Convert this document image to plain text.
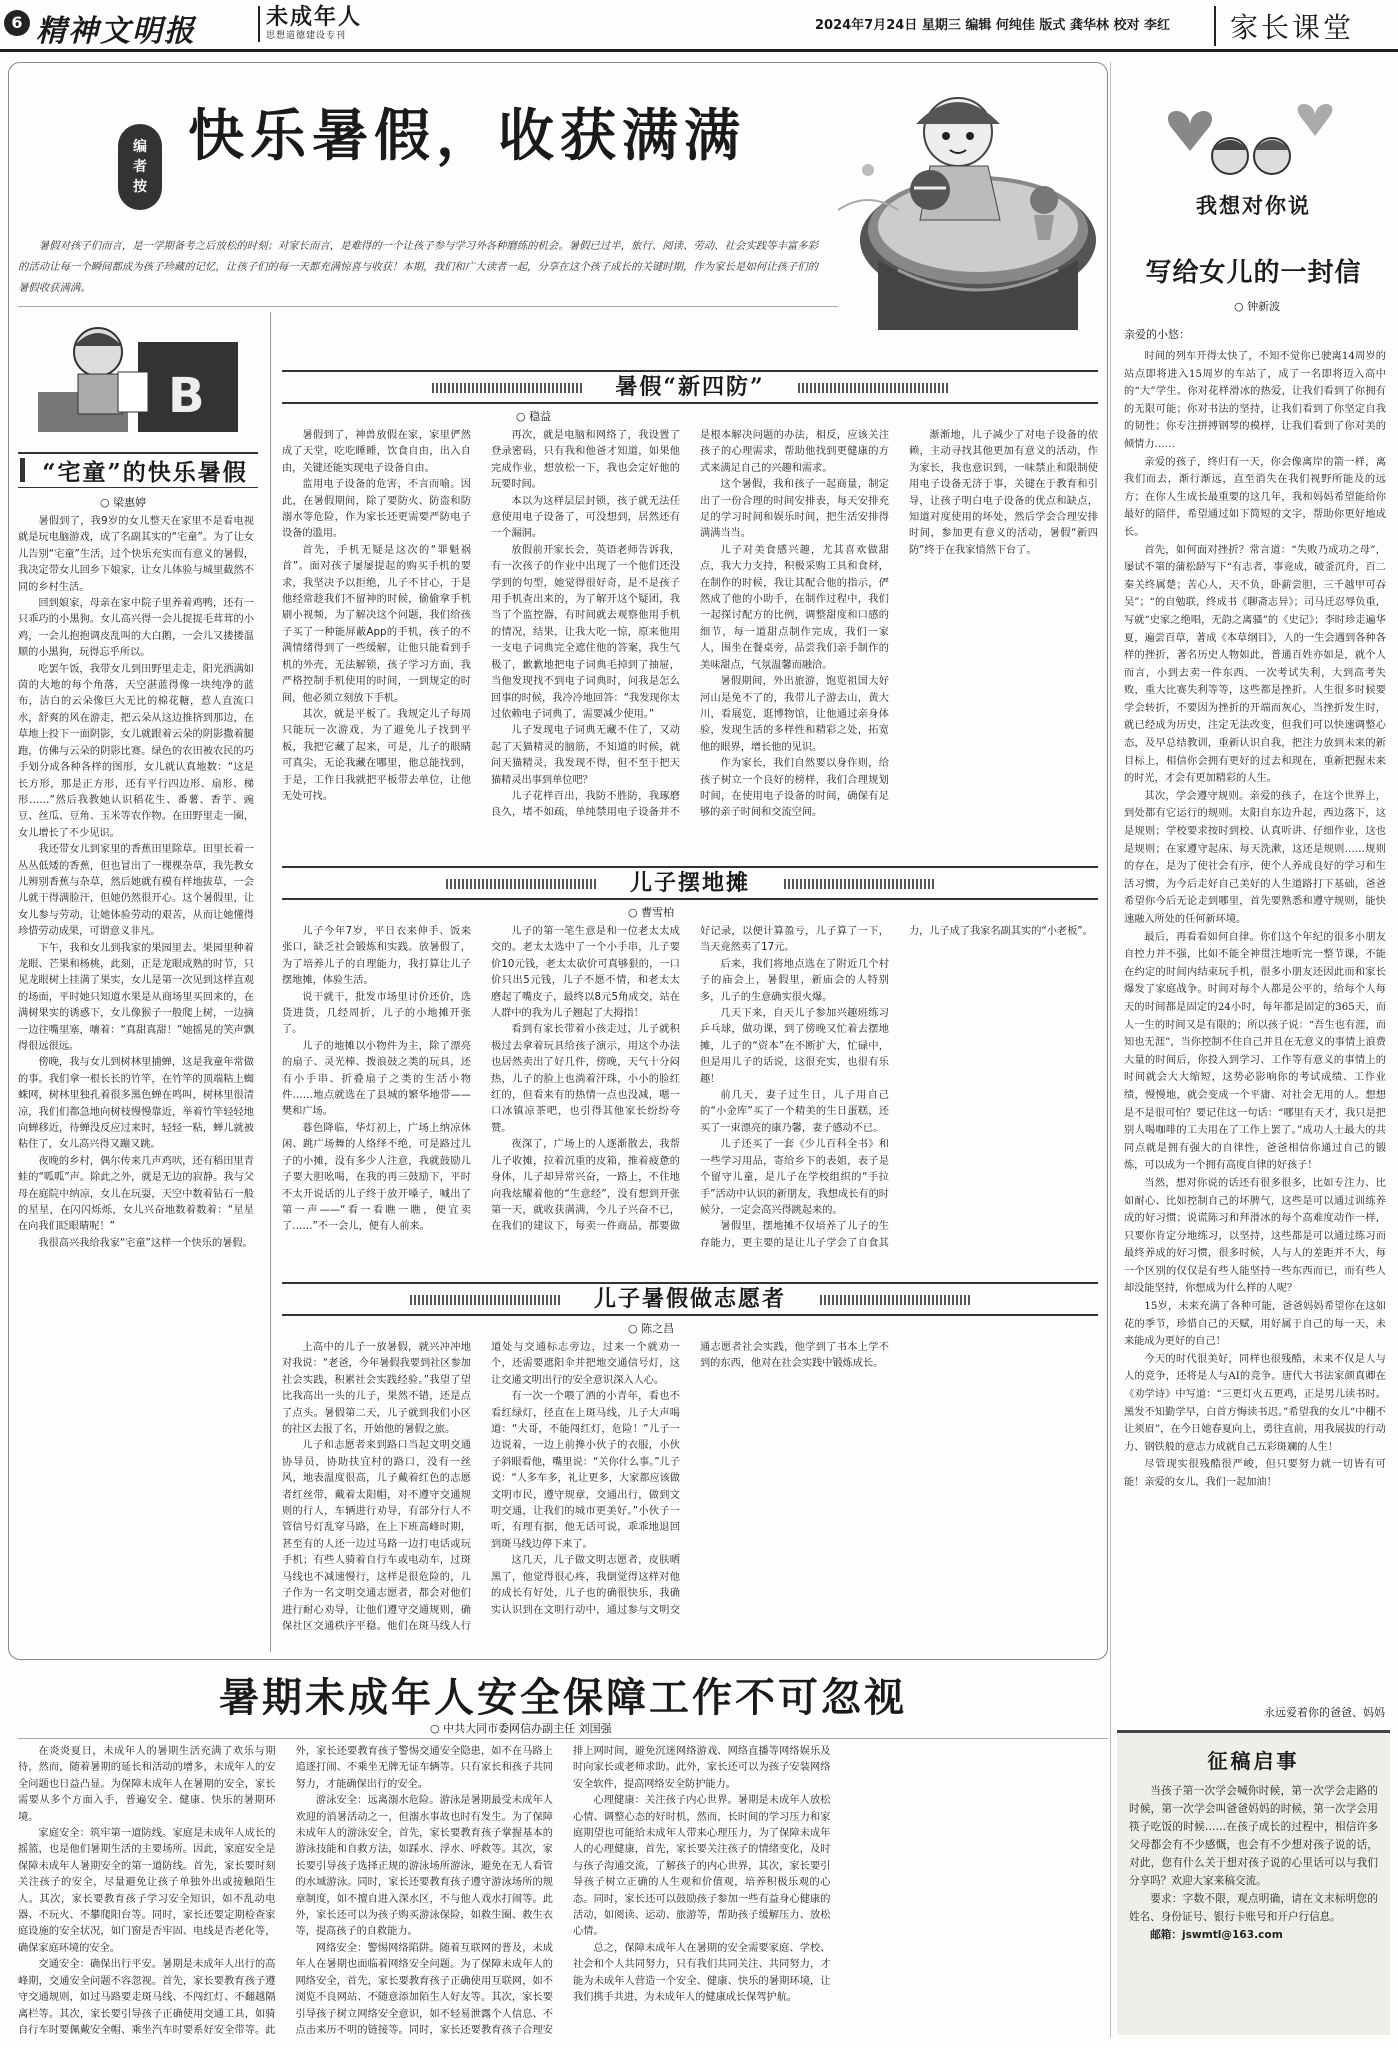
6 精神文明报	未成年人
思想道德建设专刊
2024年7月24日 星期三 编辑 何纯佳 版式 龚华林 校对 李红	家长课堂
编
者
按
快乐暑假，收获满满
暑假对孩子们而言，是一学期备考之后放松的时刻；对家长而言，是难得的一个让孩子参与学习外各种磨练的机会。暑假已过半，旅行、阅读、劳动、社会实践等丰富多彩的活动让每一个瞬间都成为孩子珍藏的记忆，让孩子们的每一天都充满惊喜与收获！本期，我们和广大读者一起，分享在这个孩子成长的关键时期，作为家长是如何让孩子们的暑假收获满满。
B
“宅童”的快乐暑假
○ 梁惠婷

暑假到了，我9岁的女儿整天在家里不是看电视就是玩电脑游戏，成了名副其实的“宅童”。为了让女儿告别“宅童”生活，过个快乐充实而有意义的暑假，我决定带女儿回乡下娘家，让女儿体验与城里截然不同的乡村生活。

回到娘家，母亲在家中院子里养着鸡鸭，还有一只乖巧的小黑狗。女儿高兴得一会儿捉捉毛茸茸的小鸡，一会儿抱抱调皮乱叫的大白鹅，一会儿又搂搂温顺的小黑狗，玩得忘乎所以。

吃罢午饭，我带女儿到田野里走走，阳光洒满如茵的大地的每个角落，天空湛蓝得像一块纯净的蓝布，洁白的云朵像巨大无比的棉花糖，惹人直流口水，舒爽的风在游走，把云朵从这边推挤到那边，在草地上投下一面阴影，女儿就跟着云朵的阴影撒着腿跑，仿佛与云朵的阴影比赛。绿色的农田被农民的巧手划分成各种各样的图形，女儿就认真地数：“这是长方形，那是正方形，还有平行四边形、扇形、梯形……”然后我教她认识稻花生、番薯、香芋、豌豆、丝瓜、豆角、玉米等农作物。在田野里走一圈，女儿增长了不少见识。

我还带女儿到家里的香蕉田里除草。田里长着一丛丛低矮的香蕉，但也冒出了一棵棵杂草，我先教女儿辨别香蕉与杂草，然后她就有模有样地拔草，一会儿就干得满脸汗，但她仍然很开心。这个暑假里，让女儿参与劳动，让她体验劳动的艰苦，从而让她懂得珍惜劳动成果，可谓意义非凡。

下午，我和女儿到我家的果园里去。果园里种着龙眼、芒果和杨桃，此刻，正是龙眼成熟的时节，只见龙眼树上挂满了果实，女儿是第一次见到这样直观的场面，平时她只知道水果是从商场里买回来的，在满树果实的诱惑下，女儿像猴子一般爬上树，一边摘一边往嘴里塞，嚷着：“真甜真甜！”她摇晃的笑声飘得很远很远。

傍晚，我与女儿到树林里捕蝉，这是我童年常做的事。我们拿一根长长的竹竿，在竹竿的顶端粘上蜘蛛网，树林里独孔着很多黑色蝉在鸣叫，树林里很清凉，我们们都急地向树枝慢慢靠近，举着竹竿轻轻地向蝉移近，待蝉没反应过来时，轻轻一粘，蝉儿就被粘住了，女儿高兴得又蹦又跳。

夜晚的乡村，偶尔传来几声鸡吠，还有稻田里青蛙的“呱呱”声。除此之外，就是无边的寂静。我与父母在庭院中纳凉，女儿在玩耍，天空中数着钻石一般的星星，在闪闪烁烁，女儿兴奋地数着数着：“星星在向我们眨眼睛呢！”

我很高兴我给我家“宅童”这样一个快乐的暑假。

暑假“新四防”
○ 稳益

暑假到了，神兽放假在家，家里俨然成了天堂，吃吃睡睡，饮食自由，出入自由，关键还能实现电子设备自由。

监用电子设备的危害，不言而喻。因此，在暑假期间，除了要防火、防盗和防溺水等危险，作为家长还更需要严防电子设备的滥用。

首先，手机无疑是这次的“罪魁祸首”。面对孩子屡屡提起的购买手机的要求，我坚决予以拒绝，儿子不甘心，于是他经常趁我们不留神的时候，偷偷拿手机刷小视频，为了解决这个问题，我们给孩子买了一种能屏蔽App的手机，孩子的不满情绪得到了一些缓解，让他只能看到手机的外壳，无法解锁，孩子学习方面，我严格控制手机使用的时间，一到规定的时间，他必须立刻放下手机。

其次，就是平板了。我规定儿子每周只能玩一次游戏，为了避免儿子找到平板，我把它藏了起来，可是，儿子的眼睛可真尖，无论我藏在哪里，他总能找到，于是，工作日我就把平板带去单位，让他无处可找。

再次，就是电脑和网络了，我设置了登录密码，只有我和他爸才知道，如果他完成作业，想放松一下，我也会定好他的玩要时间。

本以为这样层层封锁，孩子就无法任意使用电子设备了，可没想到，居然还有一个漏洞。

放假前开家长会，英语老师告诉我，有一次孩子的作业中出现了一个他们还没学到的句型，她觉得很好奇，是不是孩子用手机查出来的，为了解开这个疑团，我当了个监控器，有时间就去观察他用手机的情况，结果，让我大吃一惊，原来他用一支电子词典完全遮住他的答案，我生气极了，歉歉地把电子词典毛掉到了抽屉，当他发现找不到电子词典时，问我是怎么回事的时候，我冷冷地回答：“我发现你太过依赖电子词典了，需要减少使用。”

儿子发现电子词典无藏不住了，又动起了天猫精灵的脑筋，不知道的时候，就问天猫精灵，我发现不得，但不至于把天猫精灵出事到单位吧？

儿子花样百出，我防不胜防，我琢磨良久，堵不如疏，单纯禁用电子设备并不是根本解决问题的办法，相反，应该关注孩子的心理需求，帮助他找到更健康的方式来满足自己的兴趣和需求。

这个暑假，我和孩子一起商量，制定出了一份合理的时间安排表，每天安排充足的学习时间和娱乐时间，把生活安排得满满当当。

儿子对美食感兴趣，尤其喜欢做甜点，我大力支持，积极采购工具和食材，在制作的时候，我让其配合他的指示，俨然成了他的小助手，在制作过程中，我们一起探讨配方的比例，调整甜度和口感的细节，每一道甜点制作完成，我们一家人，围坐在餐桌旁，品尝我们亲手制作的美味甜点，气氛温馨而融洽。

暑假期间，外出旅游，饱览祖国大好河山是免不了的，我带儿子游去山，黄大川，看展览，逛博物馆，让他通过亲身体验，发现生活的多样性和精彩之处，拓宽他的眼界，增长他的见识。

作为家长，我们自然要以身作则，给孩子树立一个良好的榜样，我们合理规划时间，在使用电子设备的时间，确保有足够的亲子时间和交流空间。

渐渐地，儿子减少了对电子设备的依赖，主动寻找其他更加有意义的活动，作为家长，我也意识到，一味禁止和限制使用电子设备无济于事，关键在于教育和引导，让孩子明白电子设备的优点和缺点，知道对度使用的坏处，然后学会合理安排时间，参加更有意义的活动，暑假“新四防”终于在我家悄然下台了。

儿子摆地摊
○ 曹雪柏

儿子今年7岁，平日衣来伸手、饭来张口，缺乏社会锻炼和实践。放暑假了，为了培养儿子的自理能力，我打算让儿子摆地摊，体验生活。

说干就干，批发市场里讨价还价，选货进货，几经周折，儿子的小地摊开张了。

儿子的地摊以小物件为主，除了漂亮的扇子、灵光棒、拨浪鼓之类的玩具，还有小手串、折叠扇子之类的生活小物件……地点就选在了县城的繁华地带——樊和广场。

暮色降临，华灯初上，广场上纳凉休闲、跳广场舞的人络绎不绝，可是路过儿子的小摊，没有多少人注意，我就鼓励儿子要大胆吆喝，在我的再三鼓励下，平时不太开说话的儿子终于放开嗓子，喊出了第一声——“看一看瞧一瞧，便宜卖了……”不一会儿，便有人前来。

儿子的第一笔生意是和一位老太太成交的。老太太选中了一个小手串，儿子要价10元钱，老太太砍价可真够狠的，一口价只出5元钱，儿子不愿不情，和老太太磨起了嘴皮子，最终以8元5角成交，站在人群中的我为儿子翘起了大拇指！

看到有家长带着小孩走过，儿子就积极过去拿着玩具给孩子演示，用这个办法也居然卖出了好几件，傍晚，天气十分闷热，儿子的脸上也淌着汗珠，小小的脸红红的，但看来有的热情一点也没减，嗯一口冰镇凉茶吧，也引得其他家长纷纷夸赞。

夜深了，广场上的人逐渐散去，我帮儿子收摊，拉着沉重的皮箱，推着疲惫的身体，儿子却异常兴奋，一路上，不住地向我炫耀着他的“生意经”，没有想到开张第一天，就收获满满，今儿子兴奋不已，在我们的建议下，每卖一件商品，都要做好记录，以便计算盈亏，儿子算了一下，当天竟然卖了17元。

后来，我们将地点选在了附近几个村子的庙会上，暑假里，新庙会的人特别多，儿子的生意确实很火爆。

几天下来，自天儿子参加兴趣班练习乒乓球，做功课，到了傍晚又忙着去摆地摊，儿子的“资本”在不断扩大，忙碌中，但是用儿子的话说，这很充实，也很有乐趣！

前几天，妻子过生日，儿子用自己的“小金库”买了一个精美的生日蛋糕，还买了一束漂亮的康乃馨，妻子感动不已。

儿子还买了一套《少儿百科全书》和一些学习用品，寄给乡下的表姐，表子是个留守儿童，是儿子在学校组织的“手拉手”活动中认识的新朋友，我想成长有的时候分，一定会高兴得跳起来的。

暑假里，摆地摊不仅培养了儿子的生存能力，更主要的是让儿子学会了自食其力，儿子成了我家名副其实的“小老板”。

儿子暑假做志愿者
○ 陈之昌

上高中的儿子一放暑假，就兴冲冲地对我说：“老爸，今年暑假我要到社区参加社会实践，积累社会实践经验。”我望了望比我高出一头的儿子，果然不错，还是点了点头。暑假第二天，儿子就到我们小区的社区去报了名，开始他的暑假之旅。

儿子和志愿者来到路口当起文明交通协导员，协助扶宜村的路口，没有一丝风，地表温度很高，儿子戴着红色的志愿者红丝带，戴着太阳帽，对不遵守交通规则的行人，车辆进行劝导，有部分行人不管信号灯乱穿马路，在上下班高峰时期，甚至有的人还一边过马路一边打电话或玩手机；有些人骑着自行车或电动车，过斑马线也不减速慢行，这样是很危险的，儿子作为一名文明交通志愿者，都会对他们进行耐心劝导，让他们遵守交通规则，确保社区交通秩序平稳。他们在斑马线人行道处与交通标志旁边，过来一个就劝一个，还需要遮阳伞并把地交通信号灯，这让交通文明出行的安全意识深入人心。

有一次一个喂了酒的小青年，看也不看红绿灯，径直在上斑马线，儿子大声喝道：“大哥，不能闯红灯，危险！”儿子一边说着，一边上前搀小伙子的衣服，小伙子斜眼看他，嘴里说：“关你什么事。”儿子说：“人多车多，礼让更多，大家都应该做文明市民，遵守规章，交通出行，做到文明交通，让我们的城市更美好。”小伙子一听，有理有据，他无话可说，乖乖地退回到斑马线边停下来了。

这几天，儿子做文明志愿者，皮肤晒黑了，他觉得很心疼，我倒觉得这样对他的成长有好处，儿子也的确很快乐，我确实认识到在文明行动中，通过参与文明交通志愿者社会实践，他学到了书本上学不到的东西，他对在社会实践中锻炼成长。

暑期未成年人安全保障工作不可忽视
○ 中共大同市委网信办副主任 刘国强

在炎炎夏日，未成年人的暑期生活充满了欢乐与期待，然而，随着暑期的延长和活动的增多，未成年人的安全问题也日益凸显。为保障未成年人在暑期的安全，家长需要从多个方面入手，普遍安全、健康、快乐的暑期环境。

家庭安全：筑牢第一道防线。家庭是未成年人成长的摇篮，也是他们暑期生活的主要场所。因此，家庭安全是保障未成年人暑期安全的第一道防线。首先，家长要时刻关注孩子的安全，尽量避免让孩子单独外出或接触陌生人。其次，家长要教育孩子学习安全知识，如不乱动电器、不玩火、不攀爬阳台等。同时，家长还要定期检查家庭设施的安全状况，如门窗是否牢固、电线是否老化等，确保家庭环境的安全。

交通安全：确保出行平安。暑期是未成年人出行的高峰期，交通安全问题不容忽视。首先，家长要教育孩子遵守交通规则，如过马路要走斑马线、不闯红灯、不翻越隔离栏等。其次，家长要引导孩子正确使用交通工具，如骑自行车时要佩戴安全帽、乘坐汽车时要系好安全带等。此外，家长还要教育孩子警惕交通安全隐患，如不在马路上追逐打闹、不乘坐无牌无证车辆等。只有家长和孩子共同努力，才能确保出行的安全。

游泳安全：远离溺水危险。游泳是暑期最受未成年人欢迎的消暑活动之一，但溺水事故也时有发生。为了保障未成年人的游泳安全，首先，家长要教育孩子掌握基本的游泳技能和自救方法，如踩水、浮水、呼救等。其次，家长要引导孩子选择正规的游泳场所游泳，避免在无人看管的水域游泳。同时，家长还要教育孩子遵守游泳场所的规章制度，如不擅自进入深水区，不与他人戏水打闹等。此外，家长还可以为孩子购买游泳保险，如救生圈、救生衣等，提高孩子的自救能力。

网络安全：警惕网络陷阱。随着互联网的普及，未成年人在暑期也面临着网络安全问题。为了保障未成年人的网络安全，首先，家长要教育孩子正确使用互联网，如不浏览不良网站、不随意添加陌生人好友等。其次，家长要引导孩子树立网络安全意识，如不轻易泄露个人信息、不点击来历不明的链接等。同时，家长还要教育孩子合理安排上网时间，避免沉迷网络游戏、网络直播等网络娱乐及时向家长或老师求助。此外，家长还可以为孩子安装网络安全软件，提高网络安全防护能力。

心理健康：关注孩子内心世界。暑期是未成年人放松心情、调整心态的好时机，然而，长时间的学习压力和家庭期望也可能给未成年人带来心理压力，为了保障未成年人的心理健康，首先，家长要关注孩子的情绪变化，及时与孩子沟通交流，了解孩子的内心世界，其次，家长要引导孩子树立正确的人生观和价值观，培养积极乐观的心态。同时，家长还可以鼓励孩子参加一些有益身心健康的活动，如阅读、运动、旅游等，帮助孩子缓解压力、放松心情。

总之，保障未成年人在暑期的安全需要家庭、学校、社会和个人共同努力，只有我们共同关注、共同努力，才能为未成年人营造一个安全、健康、快乐的暑期环境，让我们携手共进，为未成年人的健康成长保驾护航。

我想对你说
写给女儿的一封信
○ 钟新波
亲爱的小悠：

时间的列车开得太快了，不知不觉你已驶离14周岁的站点即将进入15周岁的车站了，成了一名即将迈入高中的“大”学生。你对花样滑冰的热爱，让我们看到了你拥有的无限可能；你对书法的坚持，让我们看到了你坚定自我的韧性；你专注拼搏钢琴的模样，让我们看到了你对美的倾情力……

亲爱的孩子，终归有一天，你会像离岸的箭一样，离我们而去，渐行渐远，直至消失在我们视野所能及的远方；在你人生成长最重要的这几年，我和妈妈希望能给你最好的陪伴，希望通过如下简短的文字，帮助你更好地成长。

首先，如何面对挫折？常言道：“失败乃成功之母”，屡试不第的蒲松龄写下“有志者，事竟成，破釜沉舟，百二秦关终属楚；苦心人，天不负，卧薪尝胆，三千越甲可吞吴”；“的自勉联，终成书《聊斋志异》；司马迁忍辱负重，写就“史家之绝唱，无韵之离骚”的《史记》；李时珍走遍华夏，遍尝百草，著成《本草纲目》，人的一生会遇到各种各样的挫折，著名历史人物如此，普通百姓亦如是，就个人而言，小到去卖一件东西、一次考试失利，大到高考失败，重大比赛失利等等，这些都是挫折。人生很多时候要学会转折，不要因为挫折的开端而灰心，当挫折发生时，就已经成为历史，注定无法改变，但我们可以快速调整心态，及早总结教训，重新认识自我，把注力放到未来的新目标上，相信你会拥有更好的过去和现在，重新把握未来的时光，才会有更加精彩的人生。

其次，学会遵守规则。亲爱的孩子，在这个世界上，到处都有它运行的规则。太阳自东边升起，西边落下，这是规则；学校要求按时到校、认真听讲、仔细作业，这也是规则；在家遵守起床、每天洗漱，这还是规则……规则的存在，是为了使社会有序，使个人养成良好的学习和生活习惯，为今后走好自己美好的人生道路打下基础，爸爸希望你今后无论走到哪里，首先要熟悉和遵守规则，能快速融入所处的任何新环境。

最后，再看看如何自律。你们这个年纪的很多小朋友自控力并不强，比如不能全神贯注地听完一整节课，不能在约定的时间内结束玩手机，很多小朋友还因此而和家长爆发了家庭战争。时间对每个人都是公平的，给每个人每天的时间都是固定的24小时，每年都是固定的365天，而人一生的时间又是有限的；所以孩子说：“吾生也有涯，而知也无涯”，当你控制不住自己并且在无意义的事情上浪费大量的时间后，你投入到学习、工作等有意义的事情上的时间就会大大缩短，这势必影响你的考试成绩、工作业绩，慢慢地，就会变成一个平庸、对社会无用的人。想想是不是很可怕？要记住这一句话：“哪里有天才，我只是把别人喝咖啡的工夫用在了工作上罢了。”成功人士最大的共同点就是拥有强大的自律性，爸爸相信你通过自己的锻炼，可以成为一个拥有高度自律的好孩子！

当然，想对你说的话还有很多很多，比如专注力、比如耐心、比如控制自己的坏脾气，这些是可以通过训练养成的好习惯；说谎陈习和拜滑冰的每个高难度动作一样，只要你肯定分地练习，以坚持，这些都是可以通过练习而最终养成的好习惯，很多时候，人与人的差距并不大，每一个区别的仅仅是有些人能坚持一些东西而已，而有些人却没能坚持，你想成为什么样的人呢？

15岁，未来充满了各种可能，爸爸妈妈希望你在这如花的季节，珍惜自己的天赋，用好属于自己的每一天，未来能成为更好的自己！

今天的时代很美好，同样也很残酷，未来不仅是人与人的竞争，还将是人与AI的竞争。唐代大书法家颜真卿在《劝学诗》中写道：“三更灯火五更鸡，正是男儿读书时。黑发不知勤学早，白首方悔读书迟。”希望我的女儿“中棚不让须眉”，在今日她春夏向上，勇往直前，用我展拔的行动力、钢铁般的意志力成就自己五彩斑斓的人生！

尽管现实很残酷很严峻，但只要努力就一切皆有可能！亲爱的女儿，我们一起加油！

永远爱着你的爸爸、妈妈
征稿启事

当孩子第一次学会喊你时候，第一次学会走路的时候，第一次学会叫爸爸妈妈的时候，第一次学会用筷子吃饭的时候……在孩子成长的过程中，相信许多父母都会有不少感慨，也会有不少想对孩子说的话，对此，您有什么关于想对孩子说的心里话可以与我们分享吗？欢迎大家来稿交流。

要求：字数不限，观点明确，请在文末标明您的姓名、身份证号、银行卡账号和开户行信息。

邮箱：jswmtl@163.com
